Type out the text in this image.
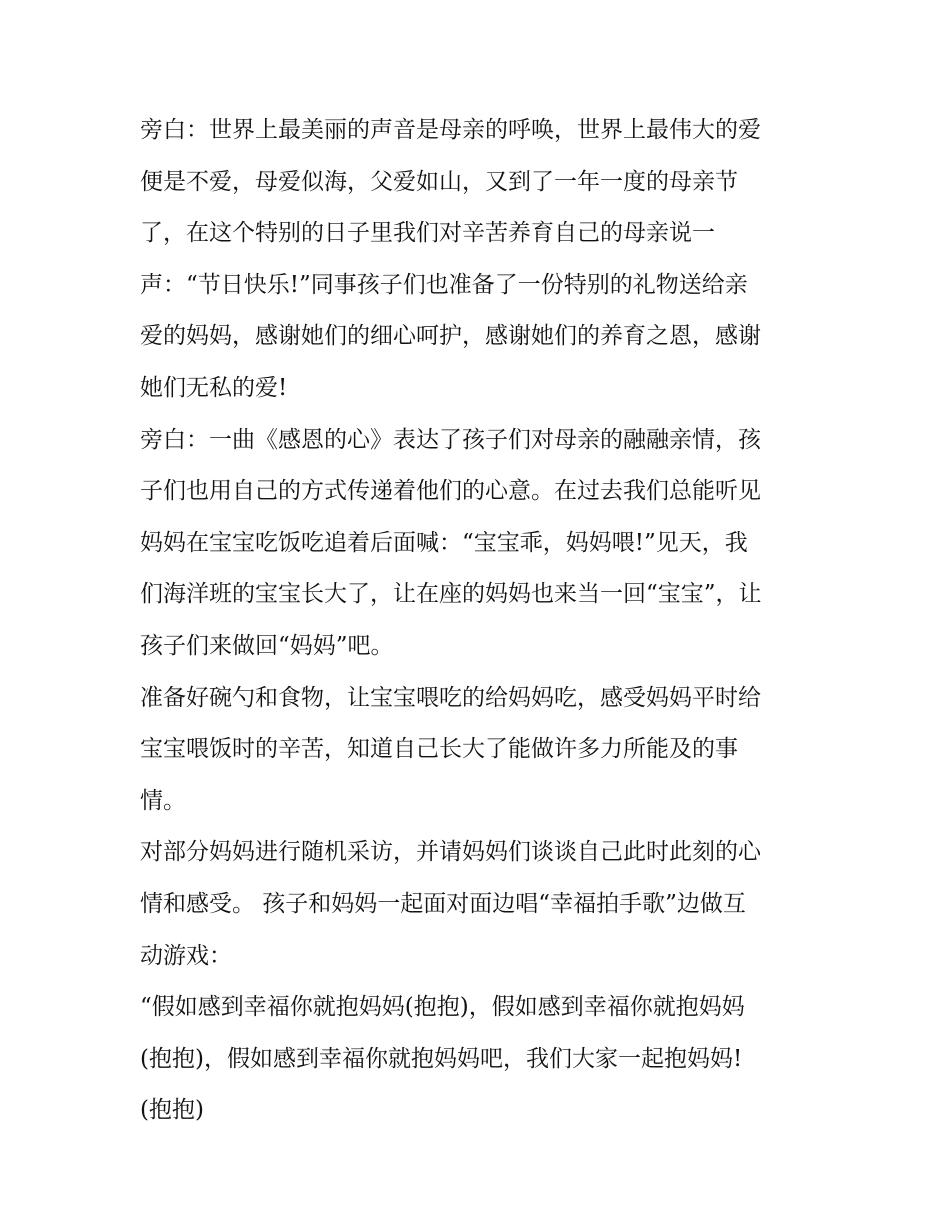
旁白：世界上最美丽的声音是母亲的呼唤，世界上最伟大的爱
便是不爱，母爱似海，父爱如山，又到了一年一度的母亲节
了，在这个特别的日子里我们对辛苦养育自己的母亲说一
声：“节日快乐!”同事孩子们也准备了一份特别的礼物送给亲
爱的妈妈，感谢她们的细心呵护，感谢她们的养育之恩，感谢
她们无私的爱!
旁白：一曲《感恩的心》表达了孩子们对母亲的融融亲情，孩
子们也用自己的方式传递着他们的心意。在过去我们总能听见
妈妈在宝宝吃饭吃追着后面喊：“宝宝乖，妈妈喂!”见天，我
们海洋班的宝宝长大了，让在座的妈妈也来当一回“宝宝”，让
孩子们来做回“妈妈”吧。
准备好碗勺和食物，让宝宝喂吃的给妈妈吃，感受妈妈平时给
宝宝喂饭时的辛苦，知道自己长大了能做许多力所能及的事
情。
对部分妈妈进行随机采访，并请妈妈们谈谈自己此时此刻的心
情和感受。 孩子和妈妈一起面对面边唱“幸福拍手歌”边做互
动游戏：
“假如感到幸福你就抱妈妈(抱抱)，假如感到幸福你就抱妈妈
(抱抱)，假如感到幸福你就抱妈妈吧，我们大家一起抱妈妈!
(抱抱)
